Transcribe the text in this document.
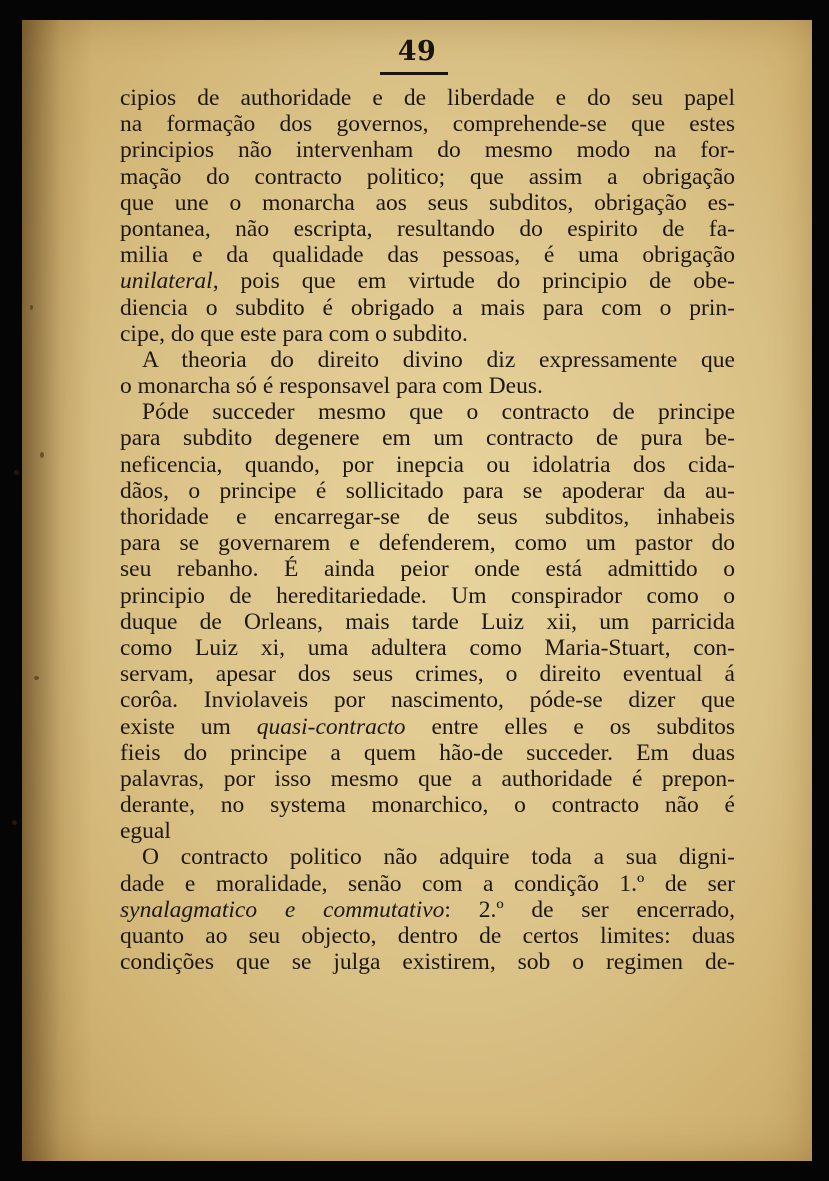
49
cipios de authoridade e de liberdade e do seu papel
na formação dos governos, comprehende-se que estes
principios não intervenham do mesmo modo na for-
mação do contracto politico; que assim a obrigação
que une o monarcha aos seus subditos, obrigação es-
pontanea, não escripta, resultando do espirito de fa-
milia e da qualidade das pessoas, é uma obrigação
unilateral, pois que em virtude do principio de obe-
diencia o subdito é obrigado a mais para com o prin-
cipe, do que este para com o subdito.
A theoria do direito divino diz expressamente que
o monarcha só é responsavel para com Deus.
Póde succeder mesmo que o contracto de principe
para subdito degenere em um contracto de pura be-
neficencia, quando, por inepcia ou idolatria dos cida-
dãos, o principe é sollicitado para se apoderar da au-
thoridade e encarregar-se de seus subditos, inhabeis
para se governarem e defenderem, como um pastor do
seu rebanho. É ainda peior onde está admittido o
principio de hereditariedade. Um conspirador como o
duque de Orleans, mais tarde Luiz xii, um parricida
como Luiz xi, uma adultera como Maria-Stuart, con-
servam, apesar dos seus crimes, o direito eventual á
corôa. Inviolaveis por nascimento, póde-se dizer que
existe um quasi-contracto entre elles e os subditos
fieis do principe a quem hão-de succeder. Em duas
palavras, por isso mesmo que a authoridade é prepon-
derante, no systema monarchico, o contracto não é
egual
O contracto politico não adquire toda a sua digni-
dade e moralidade, senão com a condição 1.º de ser
synalagmatico e commutativo: 2.º de ser encerrado,
quanto ao seu objecto, dentro de certos limites: duas
condições que se julga existirem, sob o regimen de-
